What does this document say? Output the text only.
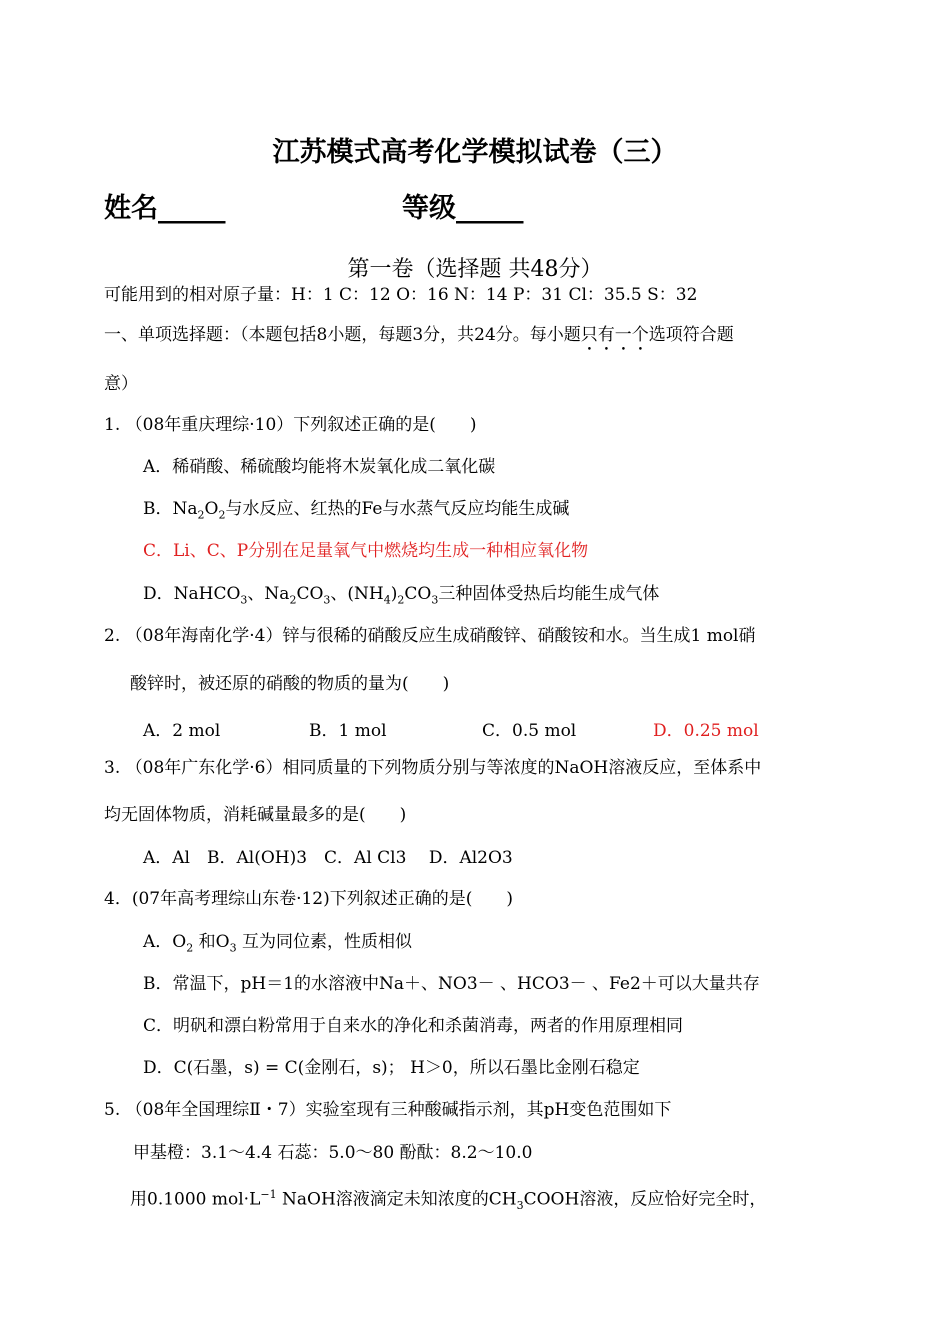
江苏模式高考化学模拟试卷（三）
姓名_____	等级_____
第一卷（选择题 共48分）
可能用到的相对原子量：H：1 C：12 O：16 N：14 P：31 Cl：35.5 S：32
一、单项选择题：（本题包括8小题，每题3分，共24分。每小题只有一个选项符合题
意）
1. （08年重庆理综·10）下列叙述正确的是(　　)
A．稀硝酸、稀硫酸均能将木炭氧化成二氧化碳
B．$Na_2O_2$与水反应、红热的Fe与水蒸气反应均能生成碱
C．Li、C、P分别在足量氧气中燃烧均生成一种相应氧化物
D．NaHCO$_3$、$Na_2CO_3$、$(NH_4)_2CO_3$三种固体受热后均能生成气体
2. （08年海南化学·4）锌与很稀的硝酸反应生成硝酸锌、硝酸铵和水。当生成1 mol硝
酸锌时，被还原的硝酸的物质的量为(　　)
A．2 mol	B．1 mol	C．0.5 mol	D．0.25 mol
3. （08年广东化学·6）相同质量的下列物质分别与等浓度的NaOH溶液反应，至体系中
均无固体物质，消耗碱量最多的是(　　)
A．Al　B．Al(OH)3　C．Al Cl3　 D．Al2O3
4．(07年高考理综山东卷·12)下列叙述正确的是(　　)
A．$O_2$ 和$O_3$ 互为同位素，性质相似
B．常温下，pH＝1的水溶液中Na＋、NO3－ 、HCO3－ 、Fe2＋可以大量共存
C．明矾和漂白粉常用于自来水的净化和杀菌消毒，两者的作用原理相同
D．C(石墨，s) = C(金刚石，s)； H＞0，所以石墨比金刚石稳定
5. （08年全国理综Ⅱ・7）实验室现有三种酸碱指示剂，其pH变色范围如下
甲基橙：3.1～4.4 石蕊：5.0～80 酚酞：8.2～10.0
用0.1000 $mol\cdot L^{-1}$ NaOH溶液滴定未知浓度的$CH_3COOH$溶液，反应恰好完全时，
